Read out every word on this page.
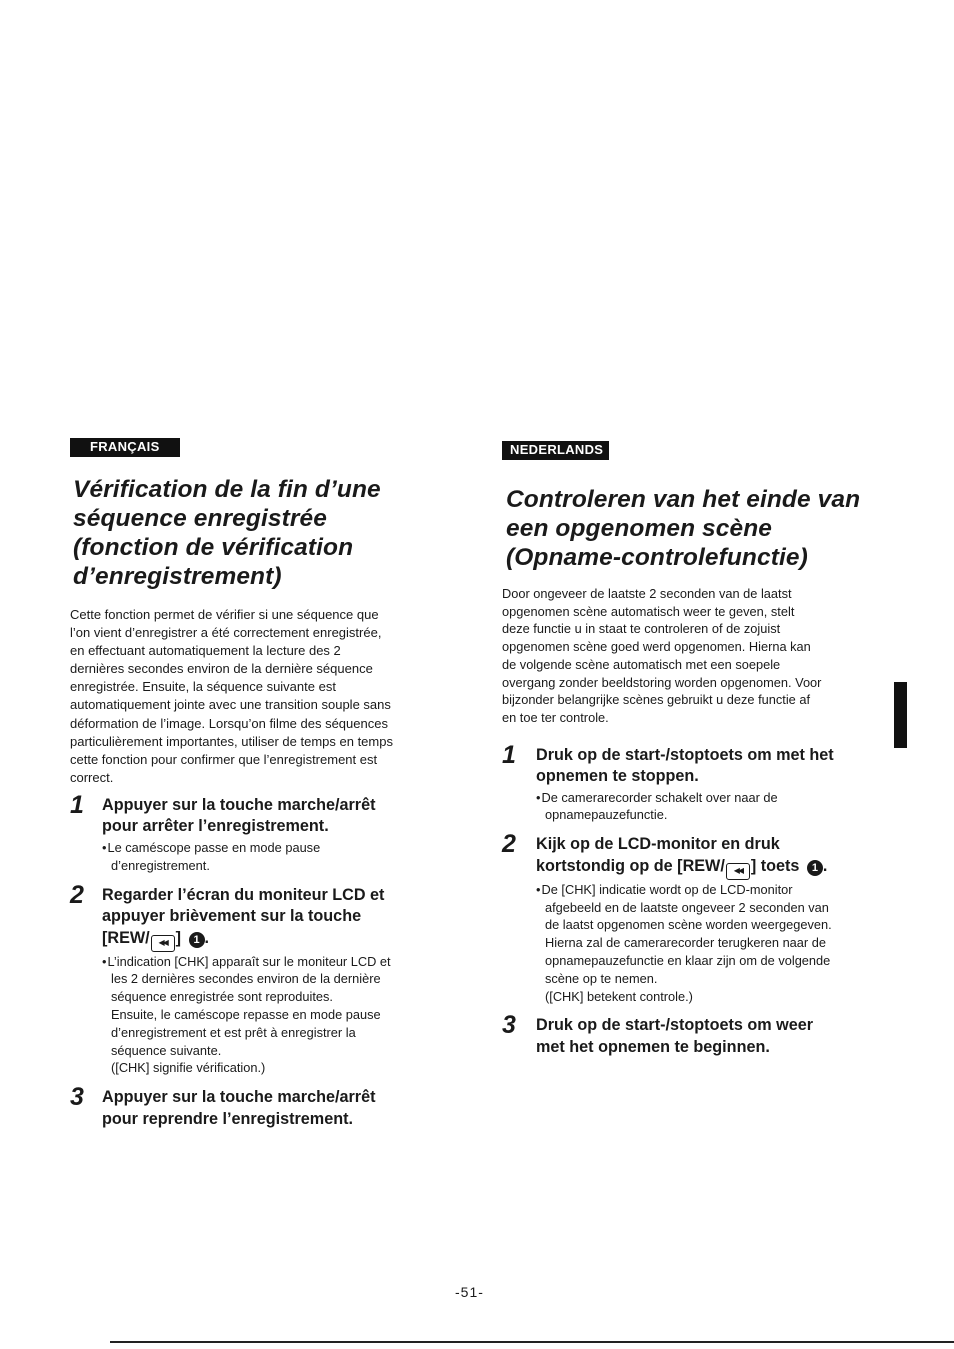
FRANÇAIS
Vérification de la fin d’une
séquence enregistrée
(fonction de vérification
d’enregistrement)
Cette fonction permet de vérifier si une séquence que
l’on vient d’enregistrer a été correctement enregistrée,
en effectuant automatiquement la lecture des 2
dernières secondes environ de la dernière séquence
enregistrée. Ensuite, la séquence suivante est
automatiquement jointe avec une transition souple sans
déformation de l’image. Lorsqu’on filme des séquences
particulièrement importantes, utiliser de temps en temps
cette fonction pour confirmer que l’enregistrement est
correct.
1 Appuyer sur la touche marche/arrêt
pour arrêter l’enregistrement.
• Le caméscope passe en mode pause
d’enregistrement.
2 Regarder l’écran du moniteur LCD et
appuyer brièvement sur la touche
[REW/ ◀◀ ] 1 .
• L’indication [CHK] apparaît sur le moniteur LCD et
les 2 dernières secondes environ de la dernière
séquence enregistrée sont reproduites.
Ensuite, le caméscope repasse en mode pause
d’enregistrement et est prêt à enregistrer la
séquence suivante.
([CHK] signifie vérification.)
3 Appuyer sur la touche marche/arrêt
pour reprendre l’enregistrement.
NEDERLANDS
Controleren van het einde van
een opgenomen scène
(Opname-controlefunctie)
Door ongeveer de laatste 2 seconden van de laatst
opgenomen scène automatisch weer te geven, stelt
deze functie u in staat te controleren of de zojuist
opgenomen scène goed werd opgenomen. Hierna kan
de volgende scène automatisch met een soepele
overgang zonder beeldstoring worden opgenomen. Voor
bijzonder belangrijke scènes gebruikt u deze functie af
en toe ter controle.
1 Druk op de start-/stoptoets om met het
opnemen te stoppen.
• De camerarecorder schakelt over naar de
opnamepauzefunctie.
2 Kijk op de LCD-monitor en druk
kortstondig op de [REW/ ◀◀ ] toets 1 .
• De [CHK] indicatie wordt op de LCD-monitor
afgebeeld en de laatste ongeveer 2 seconden van
de laatst opgenomen scène worden weergegeven.
Hierna zal de camerarecorder terugkeren naar de
opnamepauzefunctie en klaar zijn om de volgende
scène op te nemen.
([CHK] betekent controle.)
3 Druk op de start-/stoptoets om weer
met het opnemen te beginnen.
-51-
